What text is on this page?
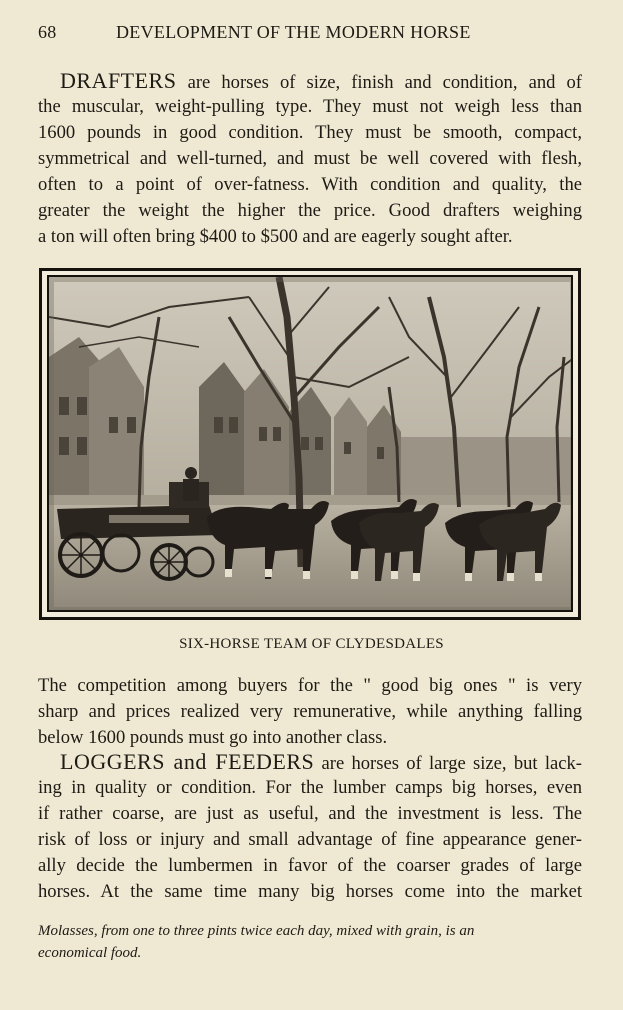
68	DEVELOPMENT OF THE MODERN HORSE
DRAFTERS are horses of size, finish and condition, and of
the muscular, weight-pulling type. They must not weigh less than
1600 pounds in good condition. They must be smooth, compact,
symmetrical and well-turned, and must be well covered with flesh,
often to a point of over-fatness. With condition and quality, the
greater the weight the higher the price. Good drafters weighing
a ton will often bring $400 to $500 and are eagerly sought after.
SIX-HORSE TEAM OF CLYDESDALES
The competition among buyers for the " good big ones " is very
sharp and prices realized very remunerative, while anything falling
below 1600 pounds must go into another class.
LOGGERS and FEEDERS are horses of large size, but lack-
ing in quality or condition. For the lumber camps big horses, even
if rather coarse, are just as useful, and the investment is less. The
risk of loss or injury and small advantage of fine appearance gener-
ally decide the lumbermen in favor of the coarser grades of large
horses. At the same time many big horses come into the market
Molasses, from one to three pints twice each day, mixed with grain, is an
economical food.
